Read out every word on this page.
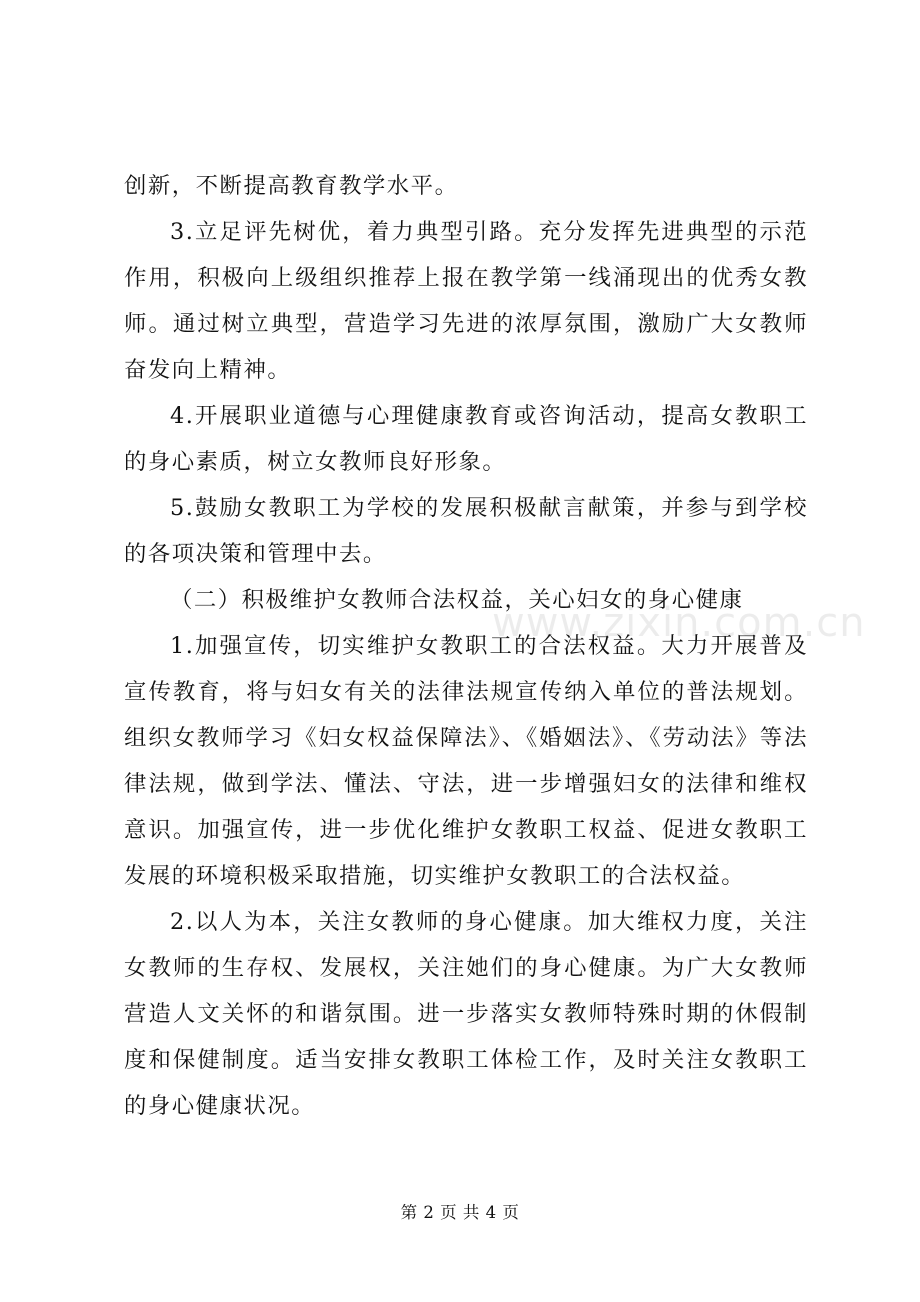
创新，不断提高教育教学水平。

3.立足评先树优，着力典型引路。充分发挥先进典型的示范作用，积极向上级组织推荐上报在教学第一线涌现出的优秀女教师。通过树立典型，营造学习先进的浓厚氛围，激励广大女教师奋发向上精神。

4.开展职业道德与心理健康教育或咨询活动，提高女教职工的身心素质，树立女教师良好形象。

5.鼓励女教职工为学校的发展积极献言献策，并参与到学校的各项决策和管理中去。

（二）积极维护女教师合法权益，关心妇女的身心健康

1.加强宣传，切实维护女教职工的合法权益。大力开展普及宣传教育，将与妇女有关的法律法规宣传纳入单位的普法规划。组织女教师学习《妇女权益保障法》、《婚姻法》、《劳动法》等法律法规，做到学法、懂法、守法，进一步增强妇女的法律和维权意识。加强宣传，进一步优化维护女教职工权益、促进女教职工发展的环境积极采取措施，切实维护女教职工的合法权益。

2.以人为本，关注女教师的身心健康。加大维权力度，关注女教师的生存权、发展权，关注她们的身心健康。为广大女教师营造人文关怀的和谐氛围。进一步落实女教师特殊时期的休假制度和保健制度。适当安排女教职工体检工作，及时关注女教职工的身心健康状况。

www.zixin.com.cn
第 2 页 共 4 页
